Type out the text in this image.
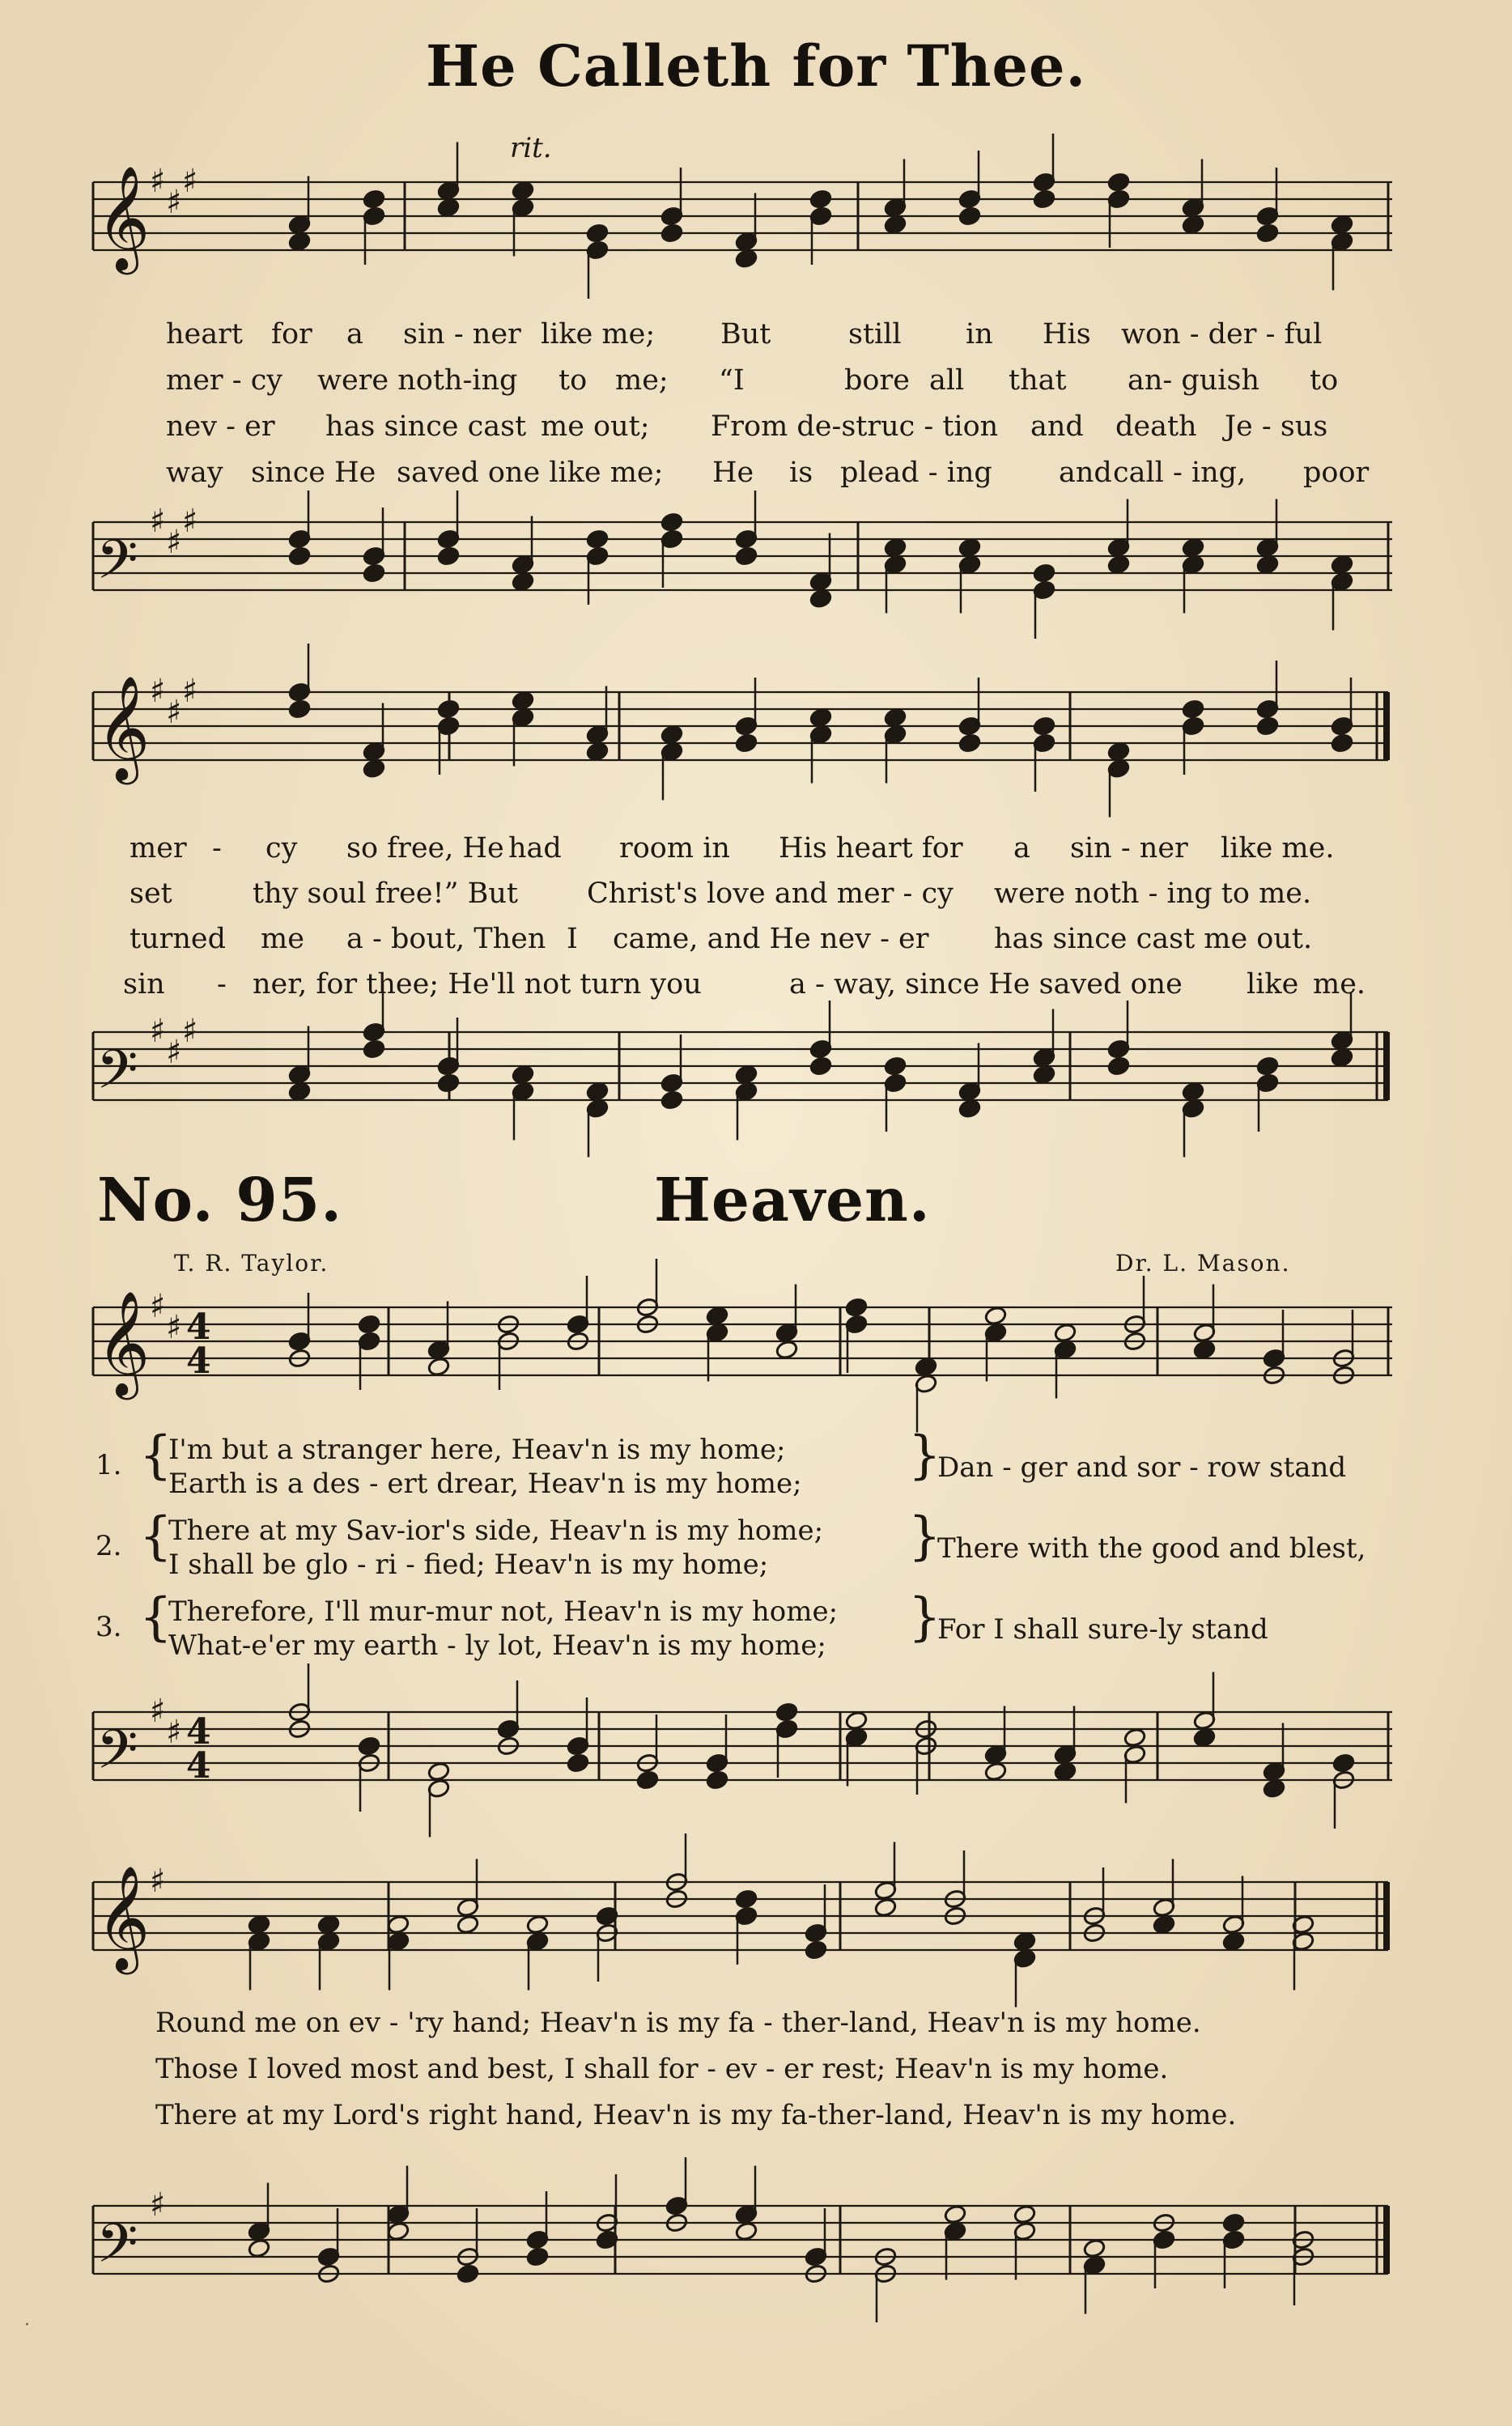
He Calleth for Thee.
No. 95.	Heaven.
T. R. Taylor.	Dr. L. Mason.
rit.
𝄞 ♯
♯
♯
𝄢
♯
♯
♯
𝄞 ♯
♯
♯
𝄢
♯
♯
♯
heart for a sin - ner like me; But	still in His won - der - ful
mer - cy were noth-ing to me; “I	bore all that an- guish to
nev - er has since cast me out; From de-struc - tion and death Je - sus
way since He saved one like me; He is plead - ing and call - ing, poor
mer - cy so free, He had room in His heart for a sin - ner like me.
set	thy soul free!” But Christ's love and mer - cy were noth - ing to me.
turned me a - bout, Then I came, and He nev - er has since cast me out.
sin - ner, for thee; He'll not turn you	a - way, since He saved one like me.
𝄞 ♯
♯ 4
4
𝄢
♯
♯ 4
4
𝄞 ♯
𝄢
♯
1. {
I'm but a stranger here, Heav'n is my home;
Earth is a des - ert drear, Heav'n is my home; }
Dan - ger and sor - row stand
2. {
There at my Sav-ior's side, Heav'n is my home;
I shall be glo - ri - fied; Heav'n is my home;	}
There with the good and blest,
3. {
Therefore, I'll mur-mur not, Heav'n is my home;
What-e'er my earth - ly lot, Heav'n is my home; }
For I shall sure-ly stand
Round me on ev - 'ry hand; Heav'n is my fa - ther-land, Heav'n is my home.
Those I loved most and best, I shall for - ev - er rest; Heav'n is my home.
There at my Lord's right hand, Heav'n is my fa-ther-land, Heav'n is my home.
·
